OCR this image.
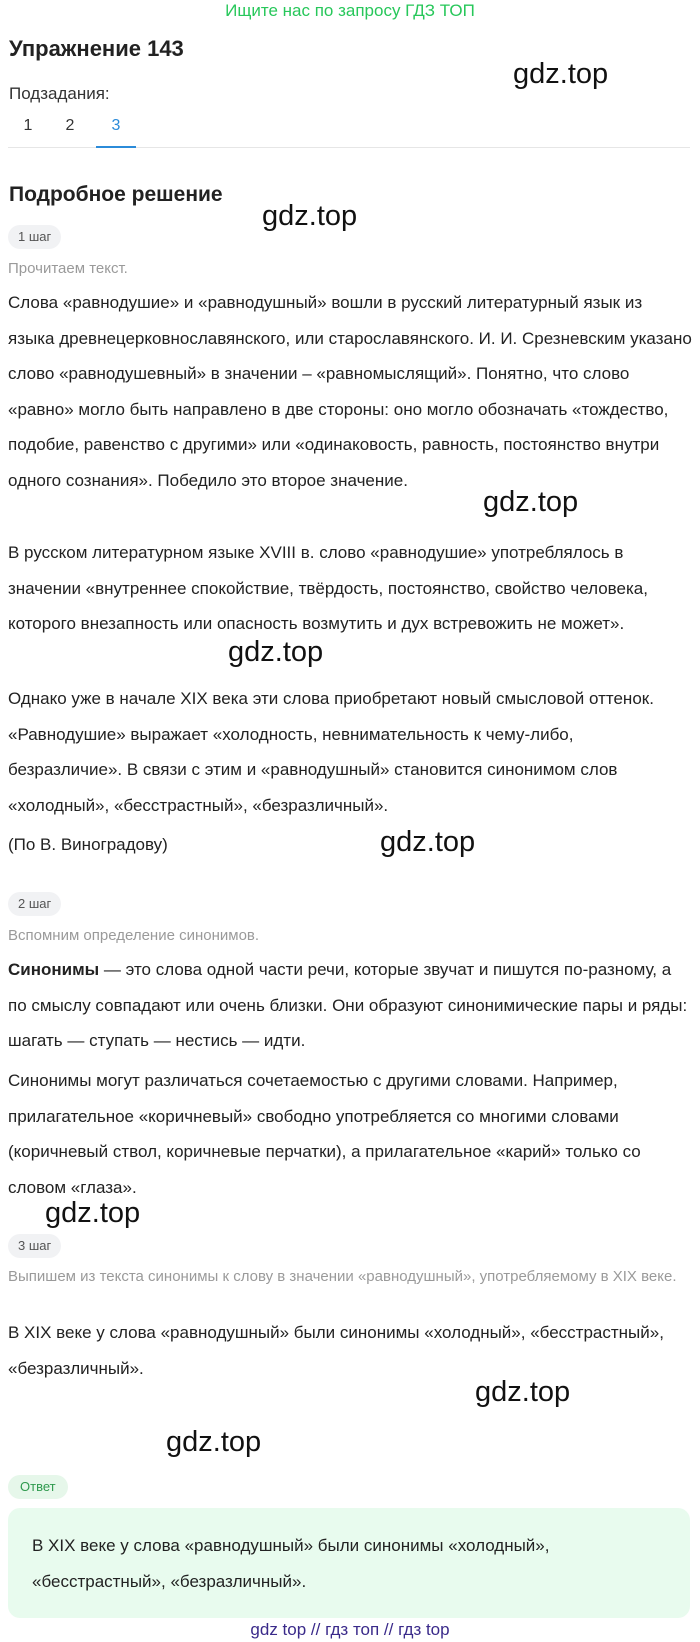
Ищите нас по запросу ГДЗ ТОП
Упражнение 143
Подзадания:
1	2	3
Подробное решение
1 шаг
Прочитаем текст.

Слова «равнодушие» и «равнодушный» вошли в русский литературный язык из языка древнецерковнославянского, или старославянского. И. И. Срезневским указано слово «равнодушевный» в значении – «равномыслящий». Понятно, что слово «равно» могло быть направлено в две стороны: оно могло обозначать «тождество, подобие, равенство с другими» или «одинаковость, равность, постоянство внутри одного сознания». Победило это второе значение.

В русском литературном языке XVIII в. слово «равнодушие» употреблялось в значении «внутреннее спокойствие, твёрдость, постоянство, свойство человека, которого внезапность или опасность возмутить и дух встревожить не может».

Однако уже в начале XIX века эти слова приобретают новый смысловой оттенок. «Равнодушие» выражает «холодность, невнимательность к чему-либо, безразличие». В связи с этим и «равнодушный» становится синонимом слов «холодный», «бесстрастный», «безразличный».

(По В. Виноградову)

2 шаг
Вспомним определение синонимов.

Синонимы — это слова одной части речи, которые звучат и пишутся по-разному, а по смыслу совпадают или очень близки. Они образуют синонимические пары и ряды: шагать — ступать — нестись — идти.

Синонимы могут различаться сочетаемостью с другими словами. Например, прилагательное «коричневый» свободно употребляется со многими словами (коричневый ствол, коричневые перчатки), а прилагательное «карий» только со словом «глаза».

3 шаг
Выпишем из текста синонимы к слову в значении «равнодушный», употребляемому в XIX веке.

В XIX веке у слова «равнодушный» были синонимы «холодный», «бесстрастный», «безразличный».

Ответ

В XIX веке у слова «равнодушный» были синонимы «холодный», «бесстрастный», «безразличный».

gdz.top
gdz.top
gdz.top
gdz.top
gdz.top
gdz.top
gdz.top
gdz.top
gdz top // гдз топ // гдз top
